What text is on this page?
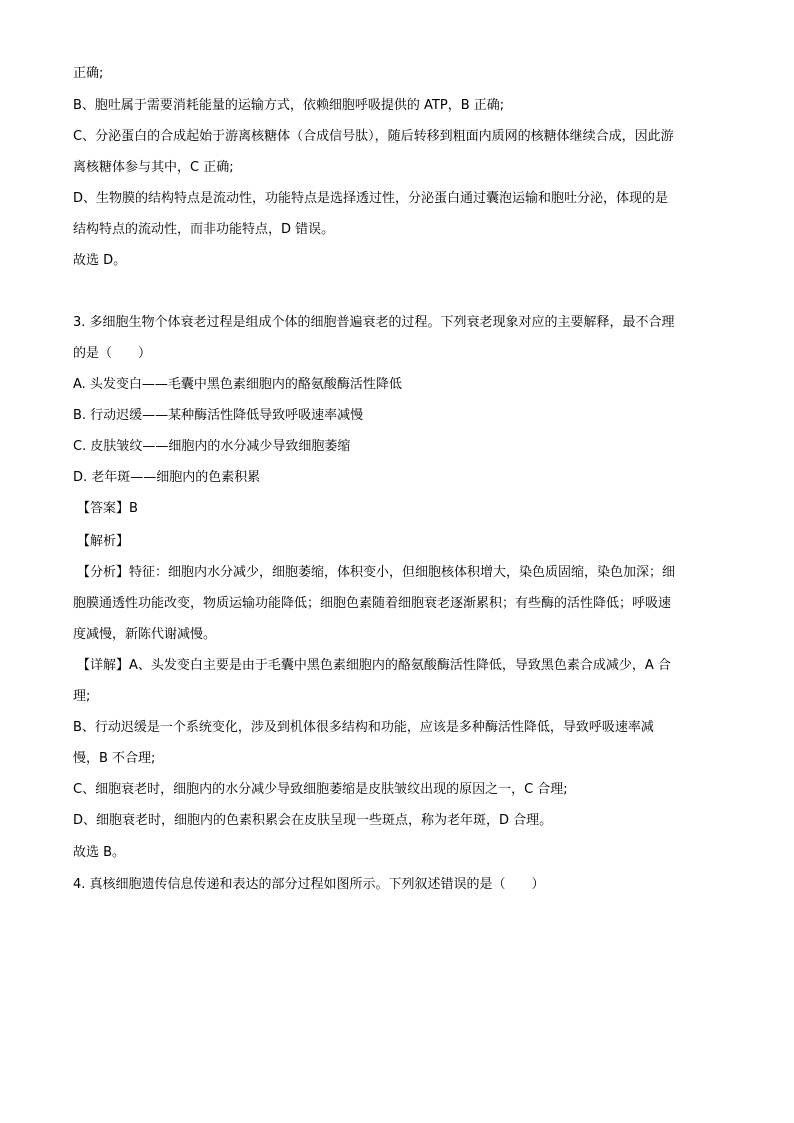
正确;
B、胞吐属于需要消耗能量的运输方式，依赖细胞呼吸提供的 ATP，B 正确;
C、分泌蛋白的合成起始于游离核糖体（合成信号肽），随后转移到粗面内质网的核糖体继续合成，因此游
离核糖体参与其中，C 正确;
D、生物膜的结构特点是流动性，功能特点是选择透过性，分泌蛋白通过囊泡运输和胞吐分泌，体现的是
结构特点的流动性，而非功能特点，D 错误。
故选 D。
3. 多细胞生物个体衰老过程是组成个体的细胞普遍衰老的过程。下列衰老现象对应的主要解释，最不合理
的是（　　）
A. 头发变白——毛囊中黑色素细胞内的酪氨酸酶活性降低
B. 行动迟缓——某种酶活性降低导致呼吸速率减慢
C. 皮肤皱纹——细胞内的水分减少导致细胞萎缩
D. 老年斑——细胞内的色素积累
【答案】B
【解析】
【分析】特征：细胞内水分减少，细胞萎缩，体积变小，但细胞核体积增大，染色质固缩，染色加深；细
胞膜通透性功能改变，物质运输功能降低；细胞色素随着细胞衰老逐渐累积；有些酶的活性降低；呼吸速
度减慢，新陈代谢减慢。
【详解】A、头发变白主要是由于毛囊中黑色素细胞内的酪氨酸酶活性降低，导致黑色素合成减少，A 合
理;
B、行动迟缓是一个系统变化，涉及到机体很多结构和功能，应该是多种酶活性降低，导致呼吸速率减
慢，B 不合理;
C、细胞衰老时，细胞内的水分减少导致细胞萎缩是皮肤皱纹出现的原因之一，C 合理;
D、细胞衰老时，细胞内的色素积累会在皮肤呈现一些斑点，称为老年斑，D 合理。
故选 B。
4. 真核细胞遗传信息传递和表达的部分过程如图所示。下列叙述错误的是（　　）
